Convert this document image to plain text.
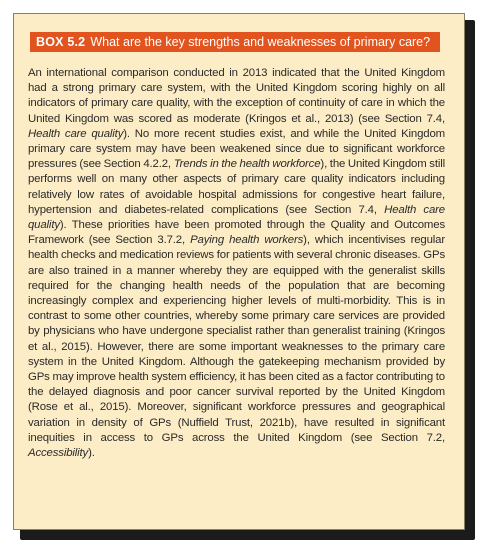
BOX 5.2 What are the key strengths and weaknesses of primary care?
An international comparison conducted in 2013 indicated that the United Kingdom had a strong primary care system, with the United Kingdom scoring highly on all indicators of primary care quality, with the exception of continuity of care in which the United Kingdom was scored as moderate (Kringos et al., 2013) (see Section 7.4, Health care quality). No more recent studies exist, and while the United Kingdom primary care system may have been weakened since due to significant workforce pressures (see Section 4.2.2, Trends in the health workforce), the United Kingdom still performs well on many other aspects of primary care quality indicators including relatively low rates of avoidable hospital admissions for congestive heart failure, hypertension and diabetes-related complications (see Section 7.4, Health care quality). These priorities have been promoted through the Quality and Outcomes Framework (see Section 3.7.2, Paying health workers), which incentivises regular health checks and medication reviews for patients with several chronic diseases. GPs are also trained in a manner whereby they are equipped with the generalist skills required for the changing health needs of the population that are becoming increasingly complex and experiencing higher levels of multi-morbidity. This is in contrast to some other countries, whereby some primary care services are provided by physicians who have undergone specialist rather than generalist training (Kringos et al., 2015). However, there are some important weaknesses to the primary care system in the United Kingdom. Although the gatekeeping mechanism provided by GPs may improve health system efficiency, it has been cited as a factor contributing to the delayed diagnosis and poor cancer survival reported by the United Kingdom (Rose et al., 2015). Moreover, significant workforce pressures and geographical variation in density of GPs (Nuffield Trust, 2021b), have resulted in significant inequities in access to GPs across the United Kingdom (see Section 7.2, Accessibility).
